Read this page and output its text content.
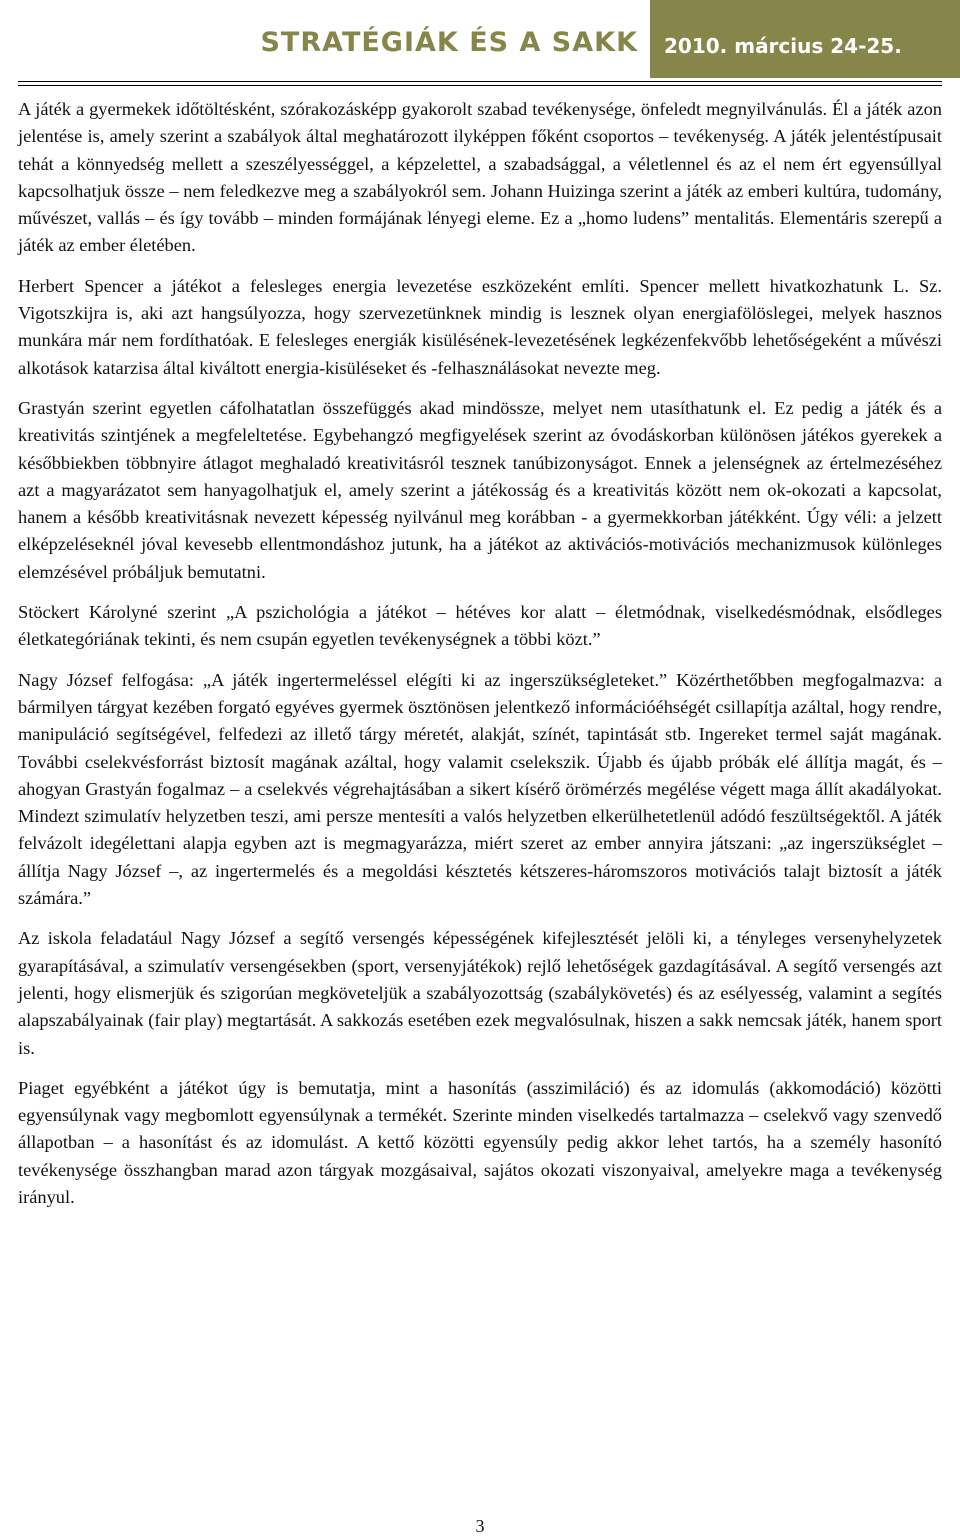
STRATÉGIÁK ÉS A SAKK	2010. március 24-25.

A játék a gyermekek időtöltésként, szórakozásképp gyakorolt szabad tevékenysége, önfeledt megnyilvánulás. Él a játék azon jelentése is, amely szerint a szabályok által meghatározott ilyképpen főként csoportos – tevékenység. A játék jelentéstípusait tehát a könnyedség mellett a szeszélyességgel, a képzelettel, a szabadsággal, a véletlennel és az el nem ért egyensúllyal kapcsolhatjuk össze – nem feledkezve meg a szabályokról sem. Johann Huizinga szerint a játék az emberi kultúra, tudomány, művészet, vallás – és így tovább – minden formájának lényegi eleme. Ez a „homo ludens” mentalitás. Elementáris szerepű a játék az ember életében.

Herbert Spencer a játékot a felesleges energia levezetése eszközeként említi. Spencer mellett hivatkozhatunk L. Sz. Vigotszkijra is, aki azt hangsúlyozza, hogy szervezetünknek mindig is lesznek olyan energiafölöslegei, melyek hasznos munkára már nem fordíthatóak. E felesleges energiák kisülésének-levezetésének legkézenfekvőbb lehetőségeként a művészi alkotások katarzisa által kiváltott energia-kisüléseket és -felhasználásokat nevezte meg.

Grastyán szerint egyetlen cáfolhatatlan összefüggés akad mindössze, melyet nem utasíthatunk el. Ez pedig a játék és a kreativitás szintjének a megfeleltetése. Egybehangzó megfigyelések szerint az óvodáskorban különösen játékos gyerekek a későbbiekben többnyire átlagot meghaladó kreativitásról tesznek tanúbizonyságot. Ennek a jelenségnek az értelmezéséhez azt a magyarázatot sem hanyagolhatjuk el, amely szerint a játékosság és a kreativitás között nem ok-okozati a kapcsolat, hanem a később kreativitásnak nevezett képesség nyilvánul meg korábban - a gyermekkorban játékként. Úgy véli: a jelzett elképzeléseknél jóval kevesebb ellentmondáshoz jutunk, ha a játékot az aktivációs-motivációs mechanizmusok különleges elemzésével próbáljuk bemutatni.

Stöckert Károlyné szerint „A pszichológia a játékot – hétéves kor alatt – életmódnak, viselkedésmódnak, elsődleges életkategóriának tekinti, és nem csupán egyetlen tevékenységnek a többi közt.”

Nagy József felfogása: „A játék ingertermeléssel elégíti ki az ingerszükségleteket.” Közérthetőbben megfogalmazva: a bármilyen tárgyat kezében forgató egyéves gyermek ösztönösen jelentkező információéhségét csillapítja azáltal, hogy rendre, manipuláció segítségével, felfedezi az illető tárgy méretét, alakját, színét, tapintását stb. Ingereket termel saját magának. További cselekvésforrást biztosít magának azáltal, hogy valamit cselekszik. Újabb és újabb próbák elé állítja magát, és – ahogyan Grastyán fogalmaz – a cselekvés végrehajtásában a sikert kísérő örömérzés megélése végett maga állít akadályokat. Mindezt szimulatív helyzetben teszi, ami persze mentesíti a valós helyzetben elkerülhetetlenül adódó feszültségektől. A játék felvázolt idegélettani alapja egyben azt is megmagyarázza, miért szeret az ember annyira játszani: „az ingerszükséglet – állítja Nagy József –, az ingertermelés és a megoldási késztetés kétszeres-háromszoros motivációs talajt biztosít a játék számára.”

Az iskola feladatául Nagy József a segítő versengés képességének kifejlesztését jelöli ki, a tényleges versenyhelyzetek gyarapításával, a szimulatív versengésekben (sport, versenyjátékok) rejlő lehetőségek gazdagításával. A segítő versengés azt jelenti, hogy elismerjük és szigorúan megköveteljük a szabályozottság (szabálykövetés) és az esélyesség, valamint a segítés alapszabályainak (fair play) megtartását. A sakkozás esetében ezek megvalósulnak, hiszen a sakk nemcsak játék, hanem sport is.

Piaget egyébként a játékot úgy is bemutatja, mint a hasonítás (asszimiláció) és az idomulás (akkomodáció) közötti egyensúlynak vagy megbomlott egyensúlynak a termékét. Szerinte minden viselkedés tartalmazza – cselekvő vagy szenvedő állapotban – a hasonítást és az idomulást. A kettő közötti egyensúly pedig akkor lehet tartós, ha a személy hasonító tevékenysége összhangban marad azon tárgyak mozgásaival, sajátos okozati viszonyaival, amelyekre maga a tevékenység irányul.

3
